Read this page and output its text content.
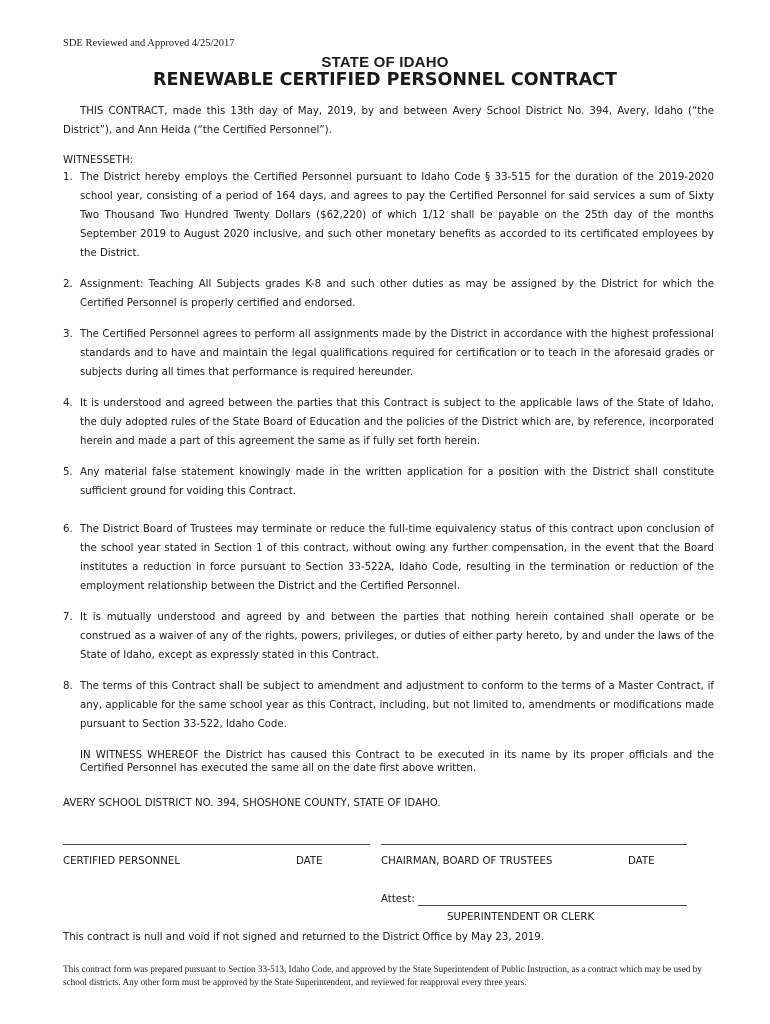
SDE Reviewed and Approved 4/25/2017
STATE OF IDAHO
RENEWABLE CERTIFIED PERSONNEL CONTRACT
THIS CONTRACT, made this 13th day of May, 2019, by and between Avery School District No. 394, Avery, Idaho (“the District”), and Ann Heida (“the Certified Personnel”).
WITNESSETH:
1. The District hereby employs the Certified Personnel pursuant to Idaho Code § 33-515 for the duration of the 2019-2020 school year, consisting of a period of 164 days, and agrees to pay the Certified Personnel for said services a sum of Sixty Two Thousand Two Hundred Twenty Dollars ($62,220) of which 1/12 shall be payable on the 25th day of the months September 2019 to August 2020 inclusive, and such other monetary benefits as accorded to its certificated employees by the District.
2. Assignment: Teaching All Subjects grades K-8 and such other duties as may be assigned by the District for which the Certified Personnel is properly certified and endorsed.
3. The Certified Personnel agrees to perform all assignments made by the District in accordance with the highest professional standards and to have and maintain the legal qualifications required for certification or to teach in the aforesaid grades or subjects during all times that performance is required hereunder.
4. It is understood and agreed between the parties that this Contract is subject to the applicable laws of the State of Idaho, the duly adopted rules of the State Board of Education and the policies of the District which are, by reference, incorporated herein and made a part of this agreement the same as if fully set forth herein.
5. Any material false statement knowingly made in the written application for a position with the District shall constitute sufficient ground for voiding this Contract.
6. The District Board of Trustees may terminate or reduce the full-time equivalency status of this contract upon conclusion of the school year stated in Section 1 of this contract, without owing any further compensation, in the event that the Board institutes a reduction in force pursuant to Section 33-522A, Idaho Code, resulting in the termination or reduction of the employment relationship between the District and the Certified Personnel.
7. It is mutually understood and agreed by and between the parties that nothing herein contained shall operate or be construed as a waiver of any of the rights, powers, privileges, or duties of either party hereto, by and under the laws of the State of Idaho, except as expressly stated in this Contract.
8. The terms of this Contract shall be subject to amendment and adjustment to conform to the terms of a Master Contract, if any, applicable for the same school year as this Contract, including, but not limited to, amendments or modifications made pursuant to Section 33-522, Idaho Code.
IN WITNESS WHEREOF the District has caused this Contract to be executed in its name by its proper officials and the Certified Personnel has executed the same all on the date first above written.
AVERY SCHOOL DISTRICT NO. 394, SHOSHONE COUNTY, STATE OF IDAHO.
CERTIFIED PERSONNEL	DATE	CHAIRMAN, BOARD OF TRUSTEES	DATE
Attest:
SUPERINTENDENT OR CLERK
This contract is null and void if not signed and returned to the District Office by May 23, 2019.
This contract form was prepared pursuant to Section 33-513, Idaho Code, and approved by the State Superintendent of Public Instruction, as a contract which may be used by school districts. Any other form must be approved by the State Superintendent, and reviewed for reapproval every three years.
